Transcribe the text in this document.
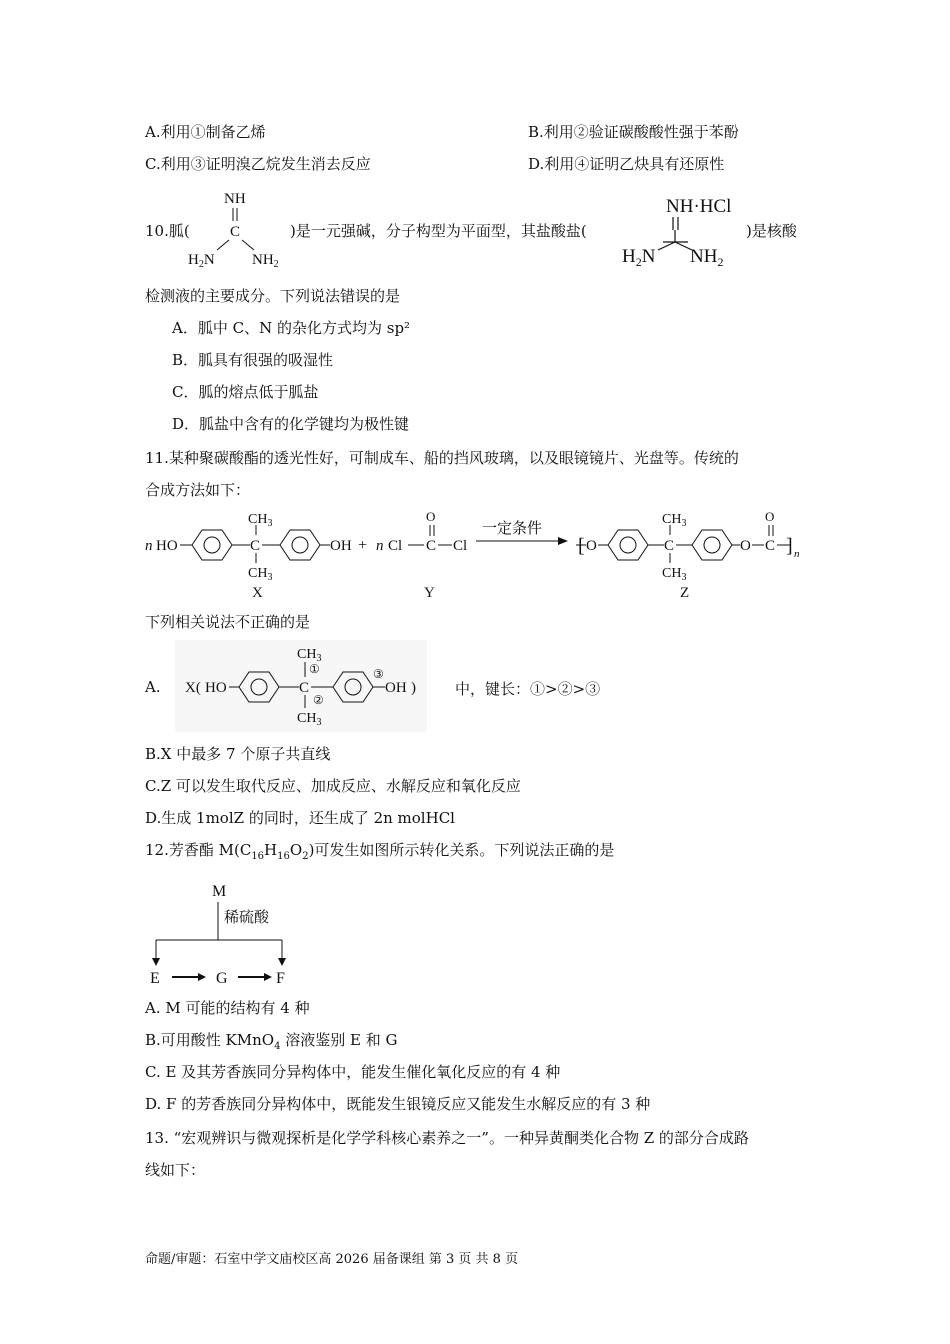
A.利用①制备乙烯	B.利用②验证碳酸酸性强于苯酚
C.利用③证明溴乙烷发生消去反应	D.利用④证明乙炔具有还原性
10.胍(
NH
C
$H_2N$ $NH_2$
)是一元强碱，分子构型为平面型，其盐酸盐(
NH·HCl
$H_2N$ $NH_2$
)是核酸
检测液的主要成分。下列说法错误的是
A．胍中 C、N 的杂化方式均为 sp²
B．胍具有很强的吸湿性
C．胍的熔点低于胍盐
D．胍盐中含有的化学键均为极性键
11.某种聚碳酸酯的透光性好，可制成车、船的挡风玻璃，以及眼镜镜片、光盘等。传统的
合成方法如下：
n HO	C
$CH_3$
$CH_3$
OH + n Cl C
O
Cl
一定条件
[ O	C
$CH_3$
$CH_3$
O C
O
] n
X	Y	Z
下列相关说法不正确的是
A. X( HO	C
$CH_3$
①
②
$CH_3$
③
OH )	中，键长：①>②>③
B.X 中最多 7 个原子共直线
C.Z 可以发生取代反应、加成反应、水解反应和氧化反应
D.生成 1molZ 的同时，还生成了 2n molHCl
12.芳香酯 $M(C_{16}H_{16}O_2)$可发生如图所示转化关系。下列说法正确的是
M
稀硫酸
E	G	F
A. M 可能的结构有 4 种
B.可用酸性 KMnO$_4$ 溶液鉴别 E 和 G
C. E 及其芳香族同分异构体中，能发生催化氧化反应的有 4 种
D. F 的芳香族同分异构体中，既能发生银镜反应又能发生水解反应的有 3 种
13. “宏观辨识与微观探析是化学学科核心素养之一”。一种异黄酮类化合物 Z 的部分合成路
线如下：
命题/审题：石室中学文庙校区高 2026 届备课组 第 3 页 共 8 页
